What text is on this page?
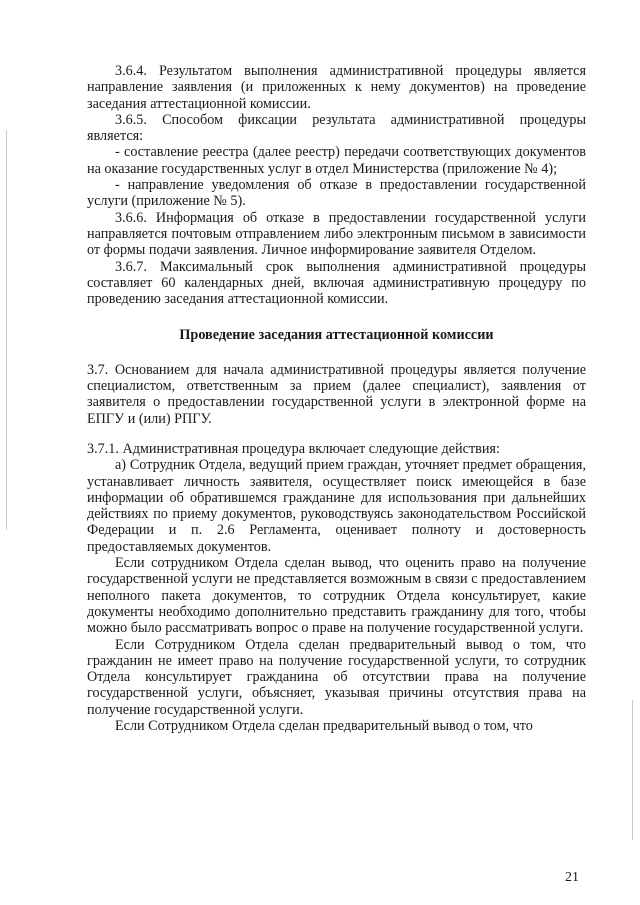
3.6.4. Результатом выполнения административной процедуры является направление заявления (и приложенных к нему документов) на проведение заседания аттестационной комиссии.

3.6.5. Способом фиксации результата административной процедуры является:

- составление реестра (далее реестр) передачи соответствующих документов на оказание государственных услуг в отдел Министерства (приложение № 4);

- направление уведомления об отказе в предоставлении государственной услуги (приложение № 5).

3.6.6. Информация об отказе в предоставлении государственной услуги направляется почтовым отправлением либо электронным письмом в зависимости от формы подачи заявления. Личное информирование заявителя Отделом.

3.6.7. Максимальный срок выполнения административной процедуры составляет 60 календарных дней, включая административную процедуру по проведению заседания аттестационной комиссии.

Проведение заседания аттестационной комиссии

3.7. Основанием для начала административной процедуры является получение специалистом, ответственным за прием (далее специалист), заявления от заявителя о предоставлении государственной услуги в электронной форме на ЕПГУ и (или) РПГУ.

3.7.1. Административная процедура включает следующие действия:

а) Сотрудник Отдела, ведущий прием граждан, уточняет предмет обращения, устанавливает личность заявителя, осуществляет поиск имеющейся в базе информации об обратившемся гражданине для использования при дальнейших действиях по приему документов, руководствуясь законодательством Российской Федерации и п. 2.6 Регламента, оценивает полноту и достоверность предоставляемых документов.

Если сотрудником Отдела сделан вывод, что оценить право на получение государственной услуги не представляется возможным в связи с предоставлением неполного пакета документов, то сотрудник Отдела консультирует, какие документы необходимо дополнительно представить гражданину для того, чтобы можно было рассматривать вопрос о праве на получение государственной услуги.

Если Сотрудником Отдела сделан предварительный вывод о том, что гражданин не имеет право на получение государственной услуги, то сотрудник Отдела консультирует гражданина об отсутствии права на получение государственной услуги, объясняет, указывая причины отсутствия права на получение государственной услуги.

Если Сотрудником Отдела сделан предварительный вывод о том, что

21
